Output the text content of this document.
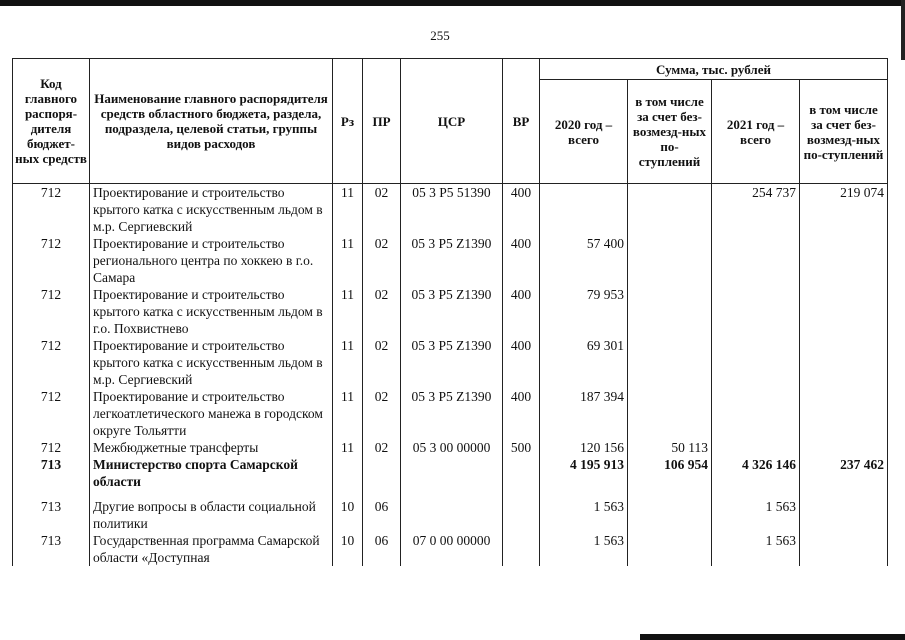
255
Код главного распоря-дителя бюджет-ных средств	Наименование главного распорядителя средств областного бюджета, раздела, подраздела, целевой статьи, группы видов расходов	Рз	ПР	ЦСР	ВР	Сумма, тыс. рублей			
						2020 год – всего	в том числе за счет без-возмезд-ных по-ступлений	2021 год – всего	в том числе за счет без-возмезд-ных по-ступлений
712	Проектирование и строительство крытого катка с искусственным льдом в м.р. Сергиевский	11	02	05 3 P5 51390	400			254 737	219 074
712	Проектирование и строительство регионального центра по хоккею в г.о. Самара	11	02	05 3 P5 Z1390	400	57 400			
712	Проектирование и строительство крытого катка с искусственным льдом в г.о. Похвистнево	11	02	05 3 P5 Z1390	400	79 953			
712	Проектирование и строительство крытого катка с искусственным льдом в м.р. Сергиевский	11	02	05 3 P5 Z1390	400	69 301			
712	Проектирование и строительство легкоатлетического манежа в городском округе Тольятти	11	02	05 3 P5 Z1390	400	187 394			
712	Межбюджетные трансферты	11	02	05 3 00 00000	500	120 156	50 113		
713	Министерство спорта Самарской области					4 195 913	106 954	4 326 146	237 462
713	Другие вопросы в области социальной политики	10	06			1 563		1 563	
713	Государственная программа Самарской области «Доступная	10	06	07 0 00 00000		1 563		1 563	
